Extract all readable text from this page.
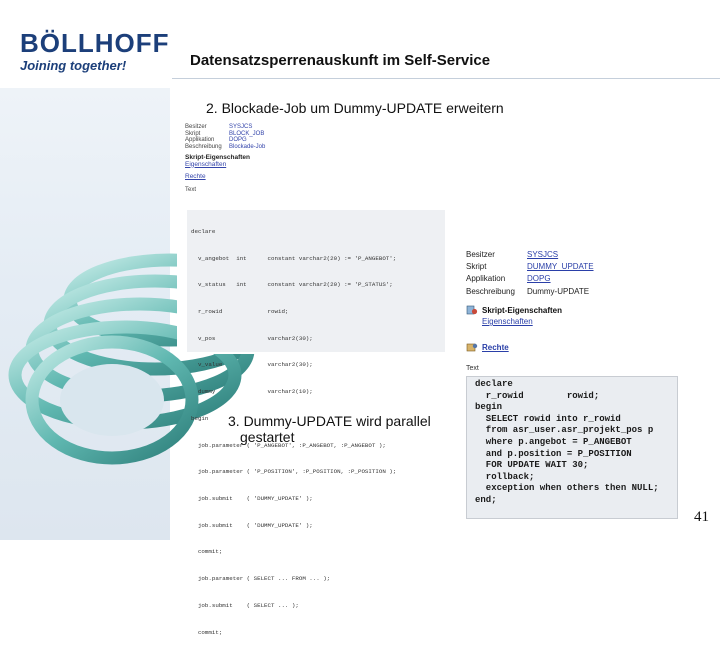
BÖLLHOFF
Joining together!	Datensatzsperrenauskunft im Self-Service
2. Blockade-Job um Dummy-UPDATE erweitern
Besitzer	SYSJCS
Skript	BLOCK_JOB
Applikation DOPG
Beschreibung Blockade-Job
Skript-Eigenschaften
Eigenschaften
Rechte
Text

declare

v_angebot  int      constant varchar2(20) := 'P_ANGEBOT';

v_status   int      constant varchar2(20) := 'P_STATUS';

r_rowid             rowid;

v_pos               varchar2(30);

v_value             varchar2(30);

dummy               varchar2(10);

begin

job.parameter ( 'P_ANGEBOT', :P_ANGEBOT, :P_ANGEBOT );

job.parameter ( 'P_POSITION', :P_POSITION, :P_POSITION );

job.submit    ( 'DUMMY_UPDATE' );

job.submit    ( 'DUMMY_UPDATE' );

commit;

job.parameter ( SELECT ... FROM ... );

job.submit    ( SELECT ... );

commit;

Besitzer	SYSJCS
Skript	DUMMY_UPDATE
Applikation	DOPG
Beschreibung Dummy-UPDATE
Skript-Eigenschaften
Eigenschaften
Rechte
Text
declare
r_rowid        rowid;
begin
SELECT rowid into r_rowid
from asr_user.asr_projekt_pos p
where p.angebot = P_ANGEBOT
and p.position = P_POSITION
FOR UPDATE WAIT 30;
rollback;
exception when others then NULL;
end;
3. Dummy-UPDATE wird parallel
gestartet
41
